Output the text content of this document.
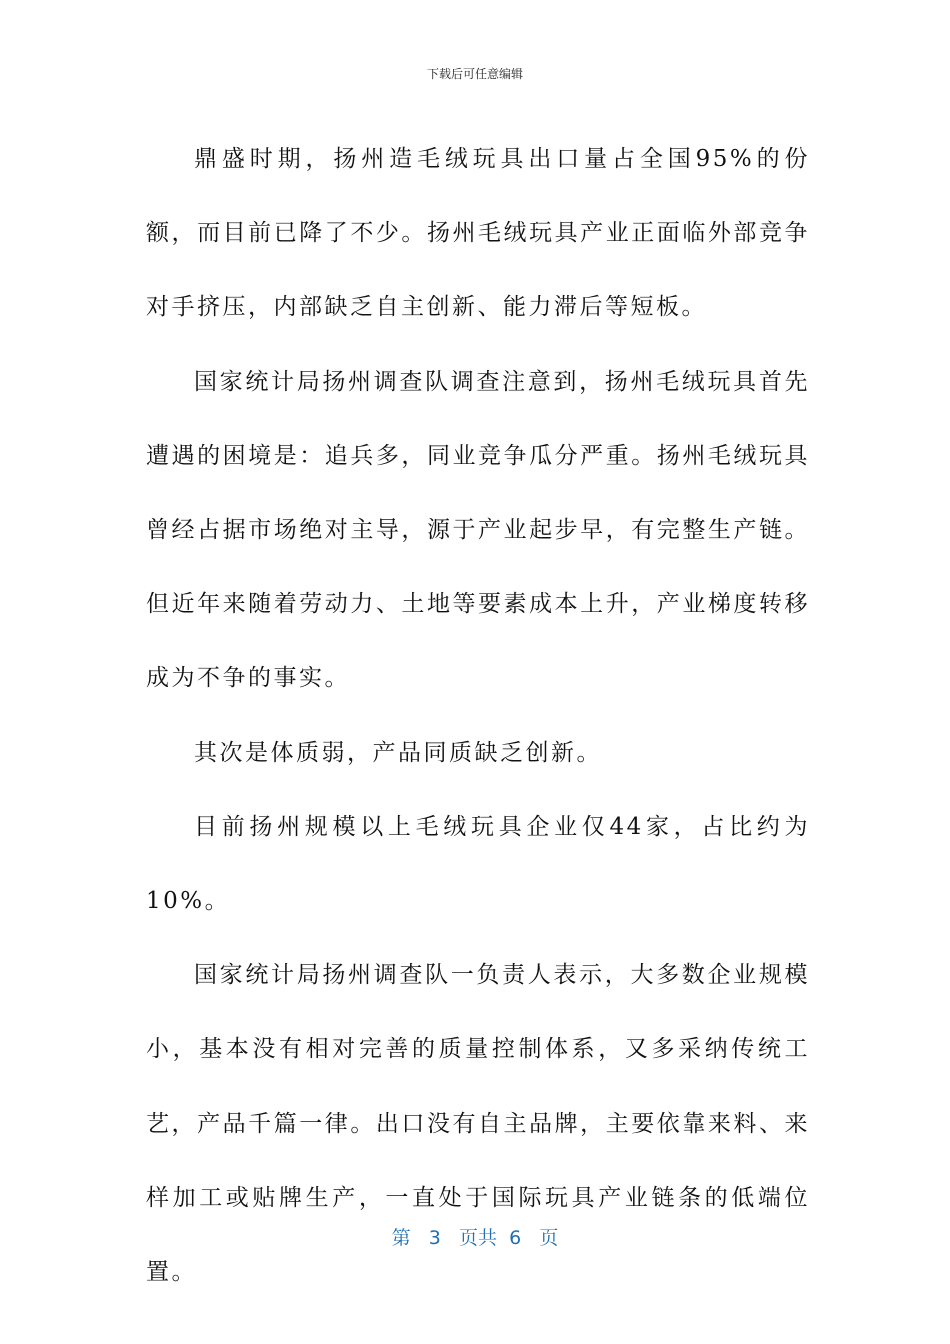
下载后可任意编辑

鼎盛时期，扬州造毛绒玩具出口量占全国95%的份额，而目前已降了不少。扬州毛绒玩具产业正面临外部竞争对手挤压，内部缺乏自主创新、能力滞后等短板。

国家统计局扬州调查队调查注意到，扬州毛绒玩具首先遭遇的困境是：追兵多，同业竞争瓜分严重。扬州毛绒玩具曾经占据市场绝对主导，源于产业起步早，有完整生产链。但近年来随着劳动力、土地等要素成本上升，产业梯度转移成为不争的事实。

其次是体质弱，产品同质缺乏创新。

目前扬州规模以上毛绒玩具企业仅44家，占比约为10%。

国家统计局扬州调查队一负责人表示，大多数企业规模小，基本没有相对完善的质量控制体系，又多采纳传统工艺，产品千篇一律。出口没有自主品牌，主要依靠来料、来样加工或贴牌生产，一直处于国际玩具产业链条的低端位置。

第 3 页共 6 页
